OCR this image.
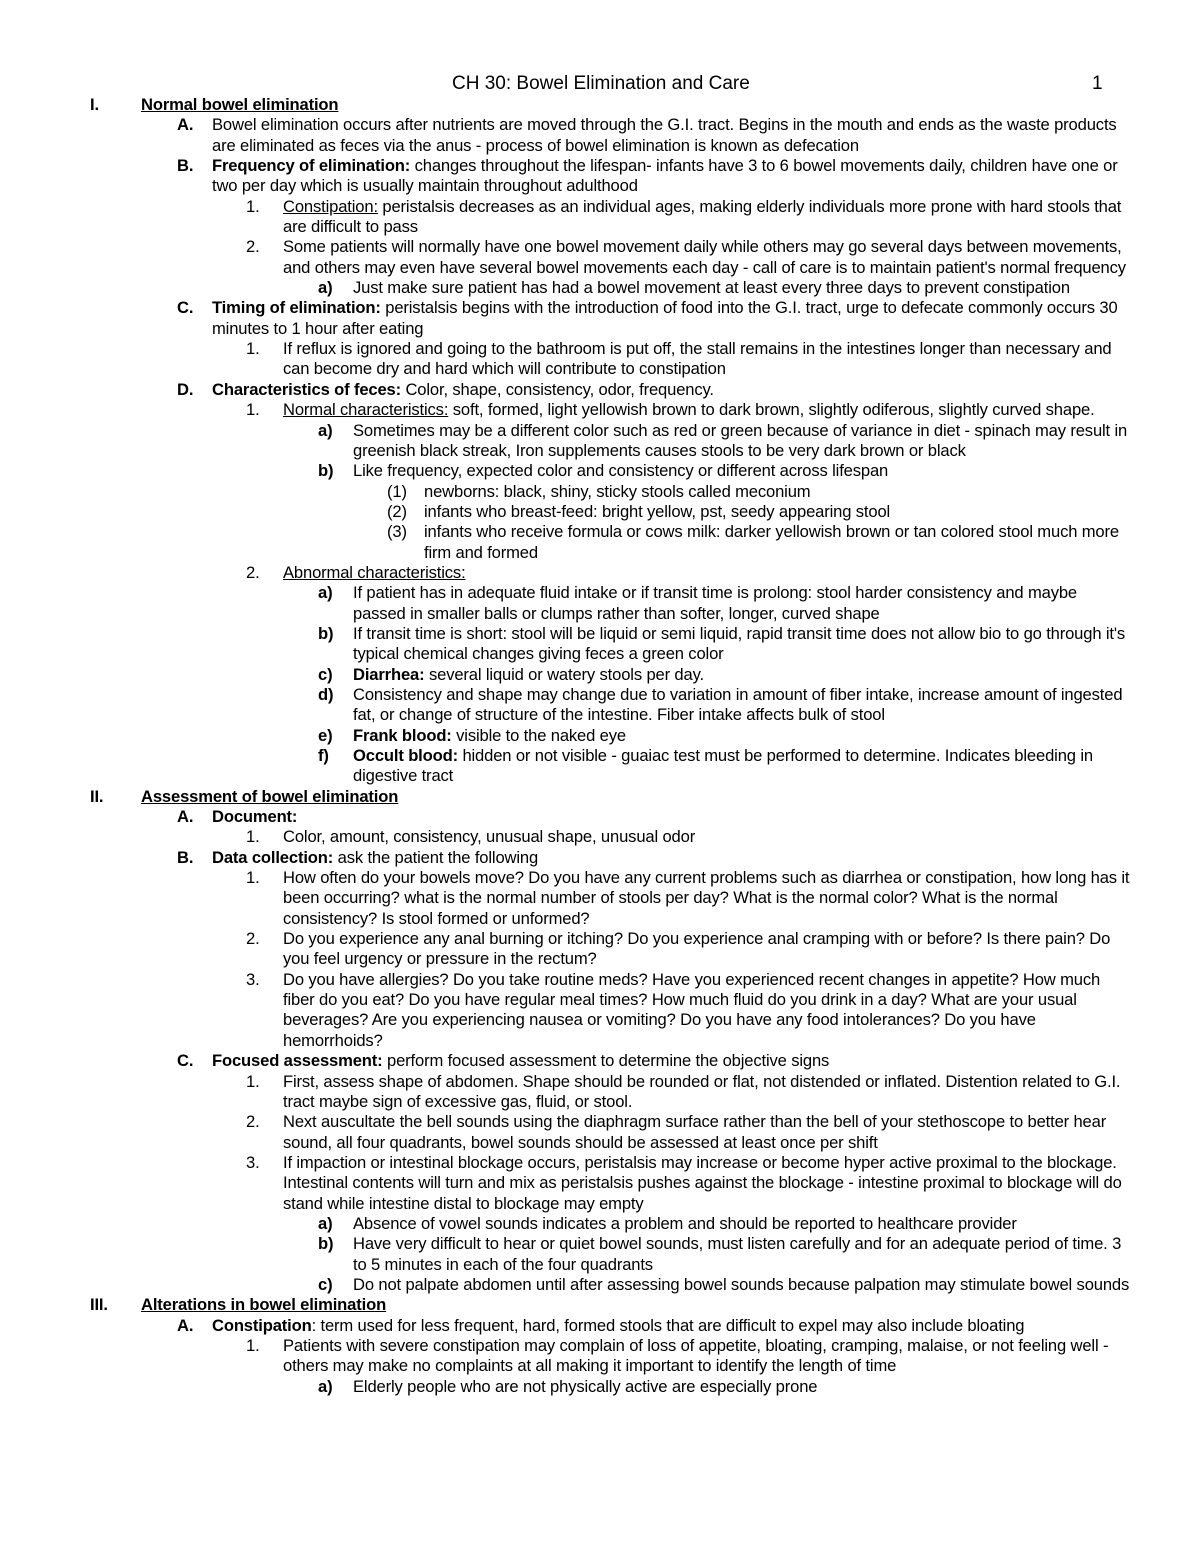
CH 30: Bowel Elimination and Care	1
I.	Normal bowel elimination
A. Bowel elimination occurs after nutrients are moved through the G.I. tract. Begins in the mouth and ends as the waste products are eliminated as feces via the anus - process of bowel elimination is known as defecation
B. Frequency of elimination: changes throughout the lifespan- infants have 3 to 6 bowel movements daily, children have one or two per day which is usually maintain throughout adulthood
1. Constipation: peristalsis decreases as an individual ages, making elderly individuals more prone with hard stools that are difficult to pass
2. Some patients will normally have one bowel movement daily while others may go several days between movements, and others may even have several bowel movements each day - call of care is to maintain patient's normal frequency
a) Just make sure patient has had a bowel movement at least every three days to prevent constipation
C. Timing of elimination: peristalsis begins with the introduction of food into the G.I. tract, urge to defecate commonly occurs 30 minutes to 1 hour after eating
1. If reflux is ignored and going to the bathroom is put off, the stall remains in the intestines longer than necessary and can become dry and hard which will contribute to constipation
D. Characteristics of feces: Color, shape, consistency, odor, frequency.
1. Normal characteristics: soft, formed, light yellowish brown to dark brown, slightly odiferous, slightly curved shape.
a) Sometimes may be a different color such as red or green because of variance in diet - spinach may result in greenish black streak, Iron supplements causes stools to be very dark brown or black
b) Like frequency, expected color and consistency or different across lifespan
(1) newborns: black, shiny, sticky stools called meconium
(2) infants who breast-feed: bright yellow, pst, seedy appearing stool
(3) infants who receive formula or cows milk: darker yellowish brown or tan colored stool much more firm and formed
2. Abnormal characteristics:
a) If patient has in adequate fluid intake or if transit time is prolong: stool harder consistency and maybe passed in smaller balls or clumps rather than softer, longer, curved shape
b) If transit time is short: stool will be liquid or semi liquid, rapid transit time does not allow bio to go through it's typical chemical changes giving feces a green color
c) Diarrhea: several liquid or watery stools per day.
d) Consistency and shape may change due to variation in amount of fiber intake, increase amount of ingested fat, or change of structure of the intestine. Fiber intake affects bulk of stool
e) Frank blood: visible to the naked eye
f) Occult blood: hidden or not visible - guaiac test must be performed to determine. Indicates bleeding in digestive tract
II. Assessment of bowel elimination
A. Document:
1. Color, amount, consistency, unusual shape, unusual odor
B. Data collection: ask the patient the following
1. How often do your bowels move? Do you have any current problems such as diarrhea or constipation, how long has it been occurring? what is the normal number of stools per day? What is the normal color? What is the normal consistency? Is stool formed or unformed?
2. Do you experience any anal burning or itching? Do you experience anal cramping with or before? Is there pain? Do you feel urgency or pressure in the rectum?
3. Do you have allergies? Do you take routine meds? Have you experienced recent changes in appetite? How much fiber do you eat? Do you have regular meal times? How much fluid do you drink in a day? What are your usual beverages? Are you experiencing nausea or vomiting? Do you have any food intolerances? Do you have hemorrhoids?
C. Focused assessment: perform focused assessment to determine the objective signs
1. First, assess shape of abdomen. Shape should be rounded or flat, not distended or inflated. Distention related to G.I. tract maybe sign of excessive gas, fluid, or stool.
2. Next auscultate the bell sounds using the diaphragm surface rather than the bell of your stethoscope to better hear sound, all four quadrants, bowel sounds should be assessed at least once per shift
3. If impaction or intestinal blockage occurs, peristalsis may increase or become hyper active proximal to the blockage. Intestinal contents will turn and mix as peristalsis pushes against the blockage - intestine proximal to blockage will do stand while intestine distal to blockage may empty
a) Absence of vowel sounds indicates a problem and should be reported to healthcare provider
b) Have very difficult to hear or quiet bowel sounds, must listen carefully and for an adequate period of time. 3 to 5 minutes in each of the four quadrants
c) Do not palpate abdomen until after assessing bowel sounds because palpation may stimulate bowel sounds
III. Alterations in bowel elimination
A. Constipation: term used for less frequent, hard, formed stools that are difficult to expel may also include bloating
1. Patients with severe constipation may complain of loss of appetite, bloating, cramping, malaise, or not feeling well - others may make no complaints at all making it important to identify the length of time
a) Elderly people who are not physically active are especially prone
